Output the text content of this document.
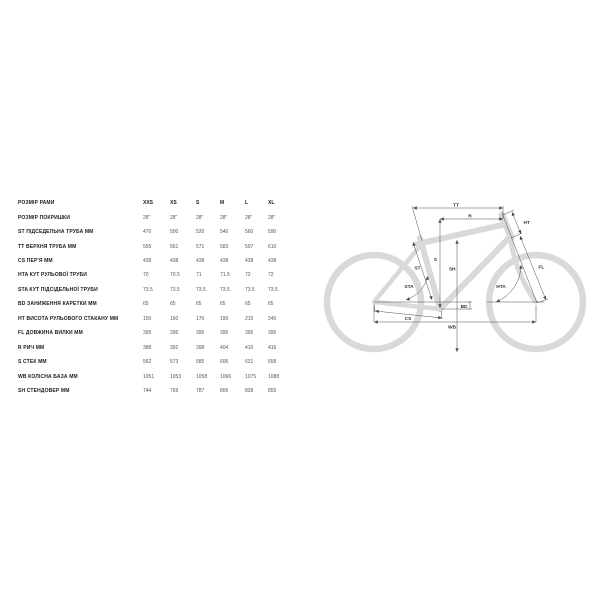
РОЗМІР РАМИ	XXS	XS	S	M	L	XL
РОЗМІР ПОКРИШКИ	28"	28"	28"	28"	28"	28"
ST ПІДСЕДЕЛЬНА ТРУБА ММ	470	500	520	540	560	590
TT ВЕРХНЯ ТРУБА ММ	555	561	571	583	597	610
CS ПЕР'Я ММ	438	438	438	438	438	438
HTA КУТ РУЛЬОВОЇ ТРУБИ	70	70.5	71	71.5	72	72
STA КУТ ПІДСІДЕЛЬНОЇ ТРУБИ	73.5	73.5	73.5	73.5	73.5	73.5
BD ЗАНИЖЕННЯ КАРЕТКИ ММ	65	65	65	65	65	65
HT ВИСОТА РУЛЬОВОГО СТАКАНУ ММ	150	160	170	190	215	240
FL ДОВЖИНА ВИЛКИ ММ	395	395	395	395	395	395
R РИЧ ММ	388	392	398	404	410	416
S СТЕК ММ	562	573	585	606	631	658
WB КОЛІСНА БАЗА ММ	1051	1053	1058	1066	1075	1088
SH СТЕНДОВЕР ММ	744	769	787	806	828	855
TT
R
HT
S
SH
ST
STA	HTA
FL
BD
CS
WB
